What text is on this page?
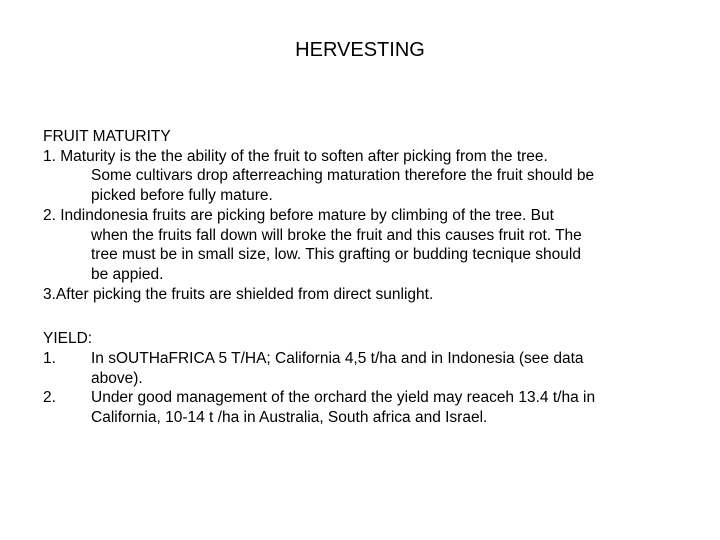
HERVESTING
FRUIT MATURITY
1. Maturity is the the ability of the fruit to soften after picking from the tree.
Some cultivars drop afterreaching maturation therefore the fruit should be
picked before fully mature.
2. Indindonesia fruits are picking before mature by climbing of the tree. But
when the fruits fall down will broke the fruit and this causes fruit rot. The
tree must be in small size, low. This grafting or budding tecnique should
be appied.
3.After picking the fruits are shielded from direct sunlight.
YIELD:
1. In sOUTHaFRICA 5 T/HA; California 4,5 t/ha and in Indonesia (see data
above).
2. Under good management of the orchard the yield may reaceh 13.4 t/ha in
California, 10-14 t /ha in Australia, South africa and Israel.
